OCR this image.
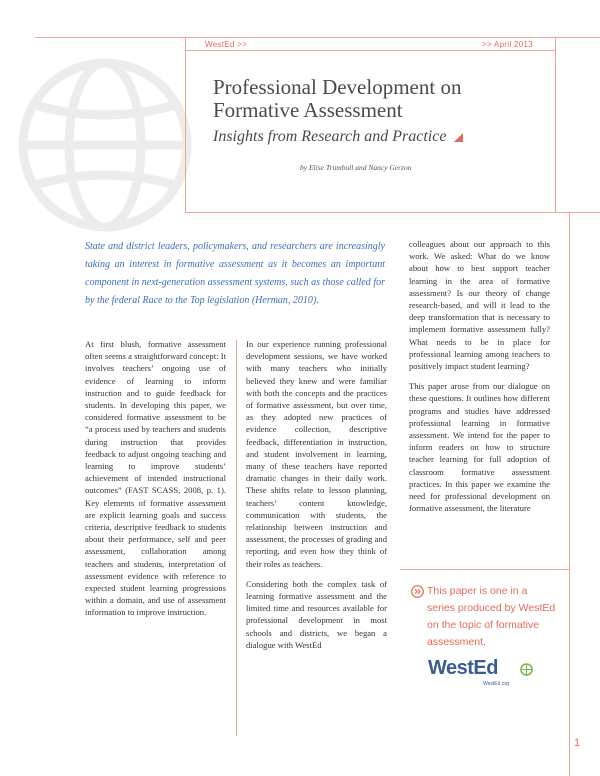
WestEd >>	>> April 2013
Professional Development on Formative Assessment
Insights from Research and Practice
by Elise Trumbull and Nancy Gerzon
State and district leaders, policymakers, and researchers are increasingly taking an interest in formative assessment as it becomes an important component in next-generation assessment systems, such as those called for by the federal Race to the Top legislation (Herman, 2010).

At first blush, formative assessment often seems a straightforward concept: It involves teachers’ ongoing use of evidence of learning to inform instruction and to guide feedback for students. In developing this paper, we considered formative assessment to be “a process used by teachers and students during instruction that provides feedback to adjust ongoing teaching and learning to improve students’ achievement of intended instructional outcomes” (FAST SCASS, 2008, p. 1). Key elements of formative assessment are explicit learning goals and success criteria, descriptive feedback to students about their performance, self and peer assessment, collaboration among teachers and students, interpretation of assessment evidence with reference to expected student learning progressions within a domain, and use of assessment information to improve instruction.

In our experience running professional development sessions, we have worked with many teachers who initially believed they knew and were familiar with both the concepts and the practices of formative assessment, but over time, as they adopted new practices of evidence collection, descriptive feedback, differentiation in instruction, and student involvement in learning, many of these teachers have reported dramatic changes in their daily work. These shifts relate to lesson planning, teachers’ content knowledge, communication with students, the relationship between instruction and assessment, the processes of grading and reporting, and even how they think of their roles as teachers.

Considering both the complex task of learning formative assessment and the limited time and resources available for professional development in most schools and districts, we began a dialogue with WestEd

colleagues about our approach to this work. We asked: What do we know about how to best support teacher learning in the area of formative assessment? Is our theory of change research-based, and will it lead to the deep transformation that is necessary to implement formative assessment fully? What needs to be in place for professional learning among teachers to positively impact student learning?

This paper arose from our dialogue on these questions. It outlines how different programs and studies have addressed professional learning in formative assessment. We intend for the paper to inform readers on how to structure teacher learning for full adoption of classroom formative assessment practices. In this paper we examine the need for professional development on formative assessment, the literature

This paper is one in a series produced by WestEd on the topic of formative assessment.
WestEd
WestEd.org
1
